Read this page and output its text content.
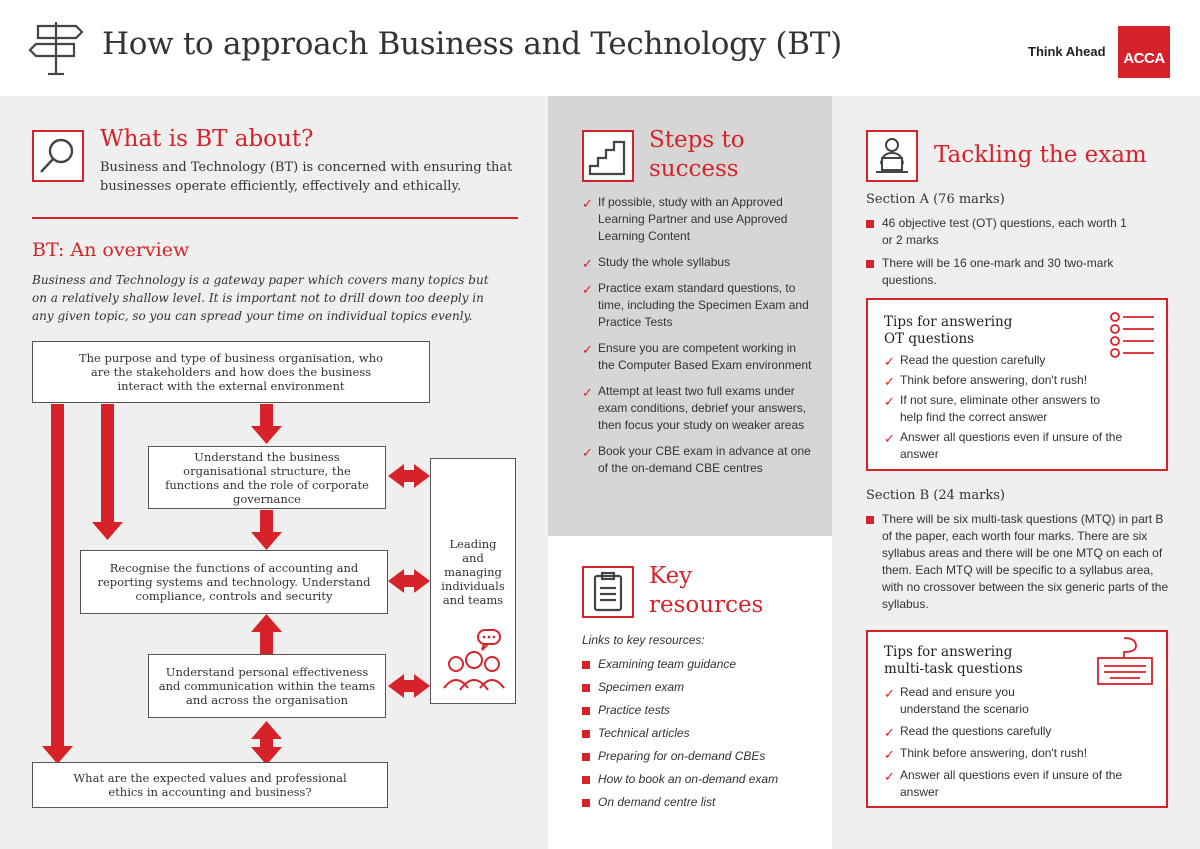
How to approach Business and Technology (BT)	Think Ahead	ACCA
What is BT about?
Business and Technology (BT) is concerned with ensuring that businesses operate efficiently, effectively and ethically.
BT: An overview
Business and Technology is a gateway paper which covers many topics but on a relatively shallow level. It is important not to drill down too deeply in any given topic, so you can spread your time on individual topics evenly.
The purpose and type of business organisation, who are the stakeholders and how does the business interact with the external environment
Understand the business organisational structure, the functions and the role of corporate governance
Recognise the functions of accounting and reporting systems and technology. Understand compliance, controls and security
Understand personal effectiveness and communication within the teams and across the organisation
What are the expected values and professional ethics in accounting and business?
Leading and managing individuals and teams
Steps to
success
✓ If possible, study with an Approved Learning Partner and use Approved Learning Content
✓ Study the whole syllabus
✓ Practice exam standard questions, to time, including the Specimen Exam and Practice Tests
✓ Ensure you are competent working in the Computer Based Exam environment
✓ Attempt at least two full exams under exam conditions, debrief your answers, then focus your study on weaker areas
✓ Book your CBE exam in advance at one of the on-demand CBE centres
Key
resources
Links to key resources:
Examining team guidance
Specimen exam
Practice tests
Technical articles
Preparing for on-demand CBEs
How to book an on-demand exam
On demand centre list
Tackling the exam
Section A (76 marks)
46 objective test (OT) questions, each worth 1 or 2 marks
There will be 16 one-mark and 30 two-mark questions.
Tips for answering
OT questions
✓ Read the question carefully
✓ Think before answering, don't rush!
✓ If not sure, eliminate other answers to help find the correct answer
✓ Answer all questions even if unsure of the answer
Section B (24 marks)
There will be six multi-task questions (MTQ) in part B of the paper, each worth four marks. There are six syllabus areas and there will be one MTQ on each of them. Each MTQ will be specific to a syllabus area, with no crossover between the six generic parts of the syllabus.
Tips for answering
multi-task questions
✓ Read and ensure you understand the scenario
✓ Read the questions carefully
✓ Think before answering, don't rush!
✓ Answer all questions even if unsure of the answer
